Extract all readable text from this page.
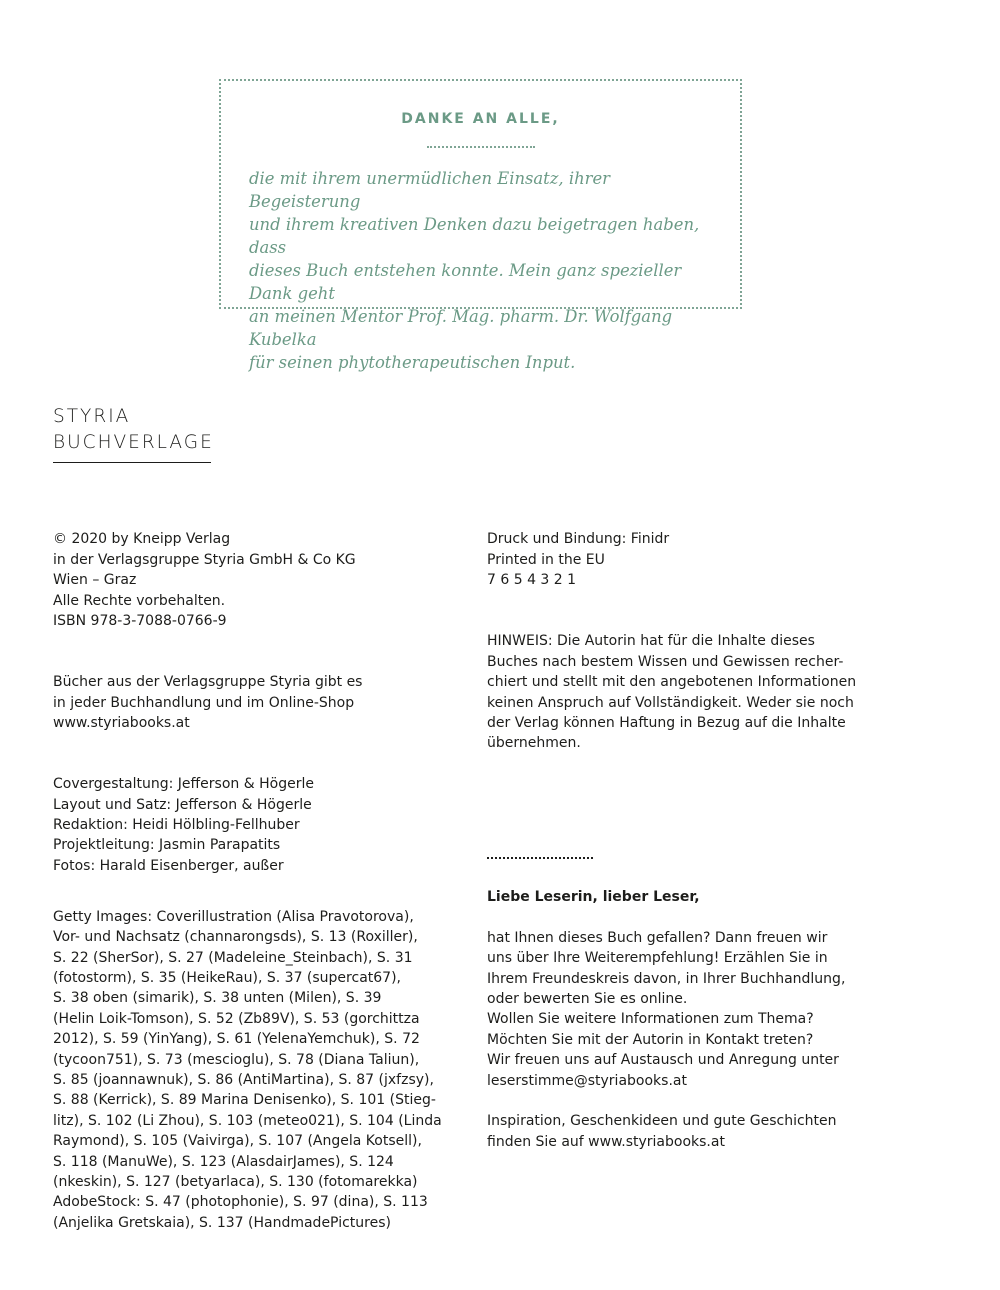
DANKE AN ALLE,
die mit ihrem unermüdlichen Einsatz, ihrer Begeisterung
und ihrem kreativen Denken dazu beigetragen haben, dass
dieses Buch entstehen konnte. Mein ganz spezieller Dank geht
an meinen Mentor Prof. Mag. pharm. Dr. Wolfgang Kubelka
für seinen phytotherapeutischen Input.
STYRIA
BUCHVERLAGE

© 2020 by Kneipp Verlag
in der Verlagsgruppe Styria GmbH & Co KG
Wien – Graz
Alle Rechte vorbehalten.
ISBN 978-3-7088-0766-9

Bücher aus der Verlagsgruppe Styria gibt es
in jeder Buchhandlung und im Online-Shop
www.styriabooks.at

Covergestaltung: Jefferson & Högerle
Layout und Satz: Jefferson & Högerle
Redaktion: Heidi Hölbling-Fellhuber
Projektleitung: Jasmin Parapatits
Fotos: Harald Eisenberger, außer

Getty Images: Coverillustration (Alisa Pravotorova),
Vor- und Nachsatz (channarongsds), S. 13 (Roxiller),
S. 22 (SherSor), S. 27 (Madeleine_Steinbach), S. 31
(fotostorm), S. 35 (HeikeRau), S. 37 (supercat67),
S. 38 oben (simarik), S. 38 unten (Milen), S. 39
(Helin Loik-Tomson), S. 52 (Zb89V), S. 53 (gorchittza
2012), S. 59 (YinYang), S. 61 (YelenaYemchuk), S. 72
(tycoon751), S. 73 (mescioglu), S. 78 (Diana Taliun),
S. 85 (joannawnuk), S. 86 (AntiMartina), S. 87 (jxfzsy),
S. 88 (Kerrick), S. 89 Marina Denisenko), S. 101 (Stieg-
litz), S. 102 (Li Zhou), S. 103 (meteo021), S. 104 (Linda
Raymond), S. 105 (Vaivirga), S. 107 (Angela Kotsell),
S. 118 (ManuWe), S. 123 (AlasdairJames), S. 124
(nkeskin), S. 127 (betyarlaca), S. 130 (fotomarekka)
AdobeStock: S. 47 (photophonie), S. 97 (dina), S. 113
(Anjelika Gretskaia), S. 137 (HandmadePictures)

Druck und Bindung: Finidr
Printed in the EU
7 6 5 4 3 2 1

HINWEIS: Die Autorin hat für die Inhalte dieses
Buches nach bestem Wissen und Gewissen recher-
chiert und stellt mit den angebotenen Informationen
keinen Anspruch auf Vollständigkeit. Weder sie noch
der Verlag können Haftung in Bezug auf die Inhalte
übernehmen.

Liebe Leserin, lieber Leser,

hat Ihnen dieses Buch gefallen? Dann freuen wir
uns über Ihre Weiterempfehlung! Erzählen Sie in
Ihrem Freundeskreis davon, in Ihrer Buchhandlung,
oder bewerten Sie es online.
Wollen Sie weitere Informationen zum Thema?
Möchten Sie mit der Autorin in Kontakt treten?
Wir freuen uns auf Austausch und Anregung unter
leserstimme@styriabooks.at

Inspiration, Geschenkideen und gute Geschichten
finden Sie auf www.styriabooks.at
